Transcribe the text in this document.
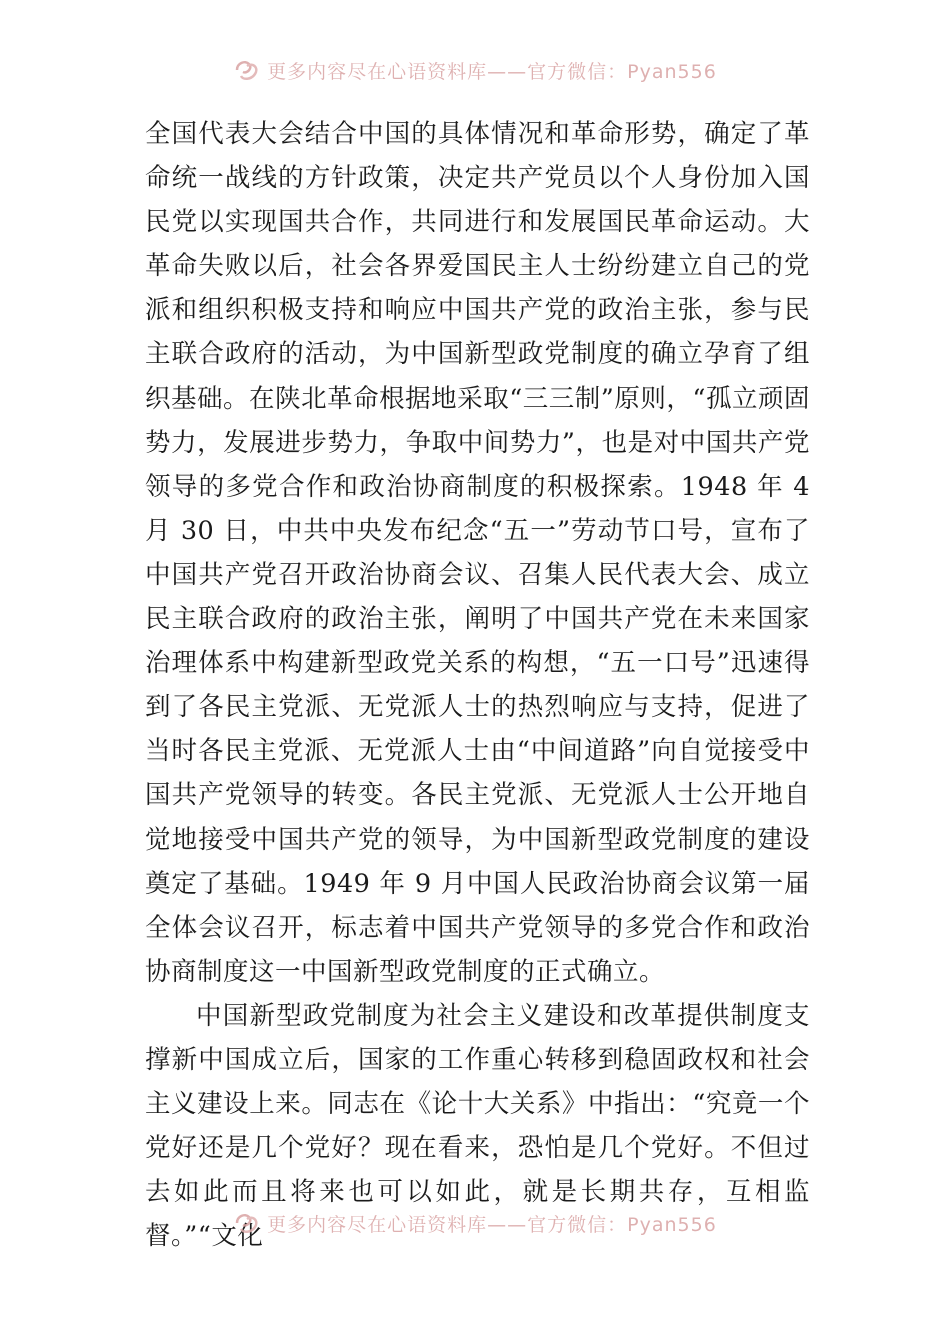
更多内容尽在心语资料库——官方微信：Pyan556

全国代表大会结合中国的具体情况和革命形势，确定了革命统一战线的方针政策，决定共产党员以个人身份加入国民党以实现国共合作，共同进行和发展国民革命运动。大革命失败以后，社会各界爱国民主人士纷纷建立自己的党派和组织积极支持和响应中国共产党的政治主张，参与民主联合政府的活动，为中国新型政党制度的确立孕育了组织基础。在陕北革命根据地采取“三三制”原则，“孤立顽固势力，发展进步势力，争取中间势力”，也是对中国共产党领导的多党合作和政治协商制度的积极探索。1948 年 4 月 30 日，中共中央发布纪念“五一”劳动节口号，宣布了中国共产党召开政治协商会议、召集人民代表大会、成立民主联合政府的政治主张，阐明了中国共产党在未来国家治理体系中构建新型政党关系的构想，“五一口号”迅速得到了各民主党派、无党派人士的热烈响应与支持，促进了当时各民主党派、无党派人士由“中间道路”向自觉接受中国共产党领导的转变。各民主党派、无党派人士公开地自觉地接受中国共产党的领导，为中国新型政党制度的建设奠定了基础。1949 年 9 月中国人民政治协商会议第一届全体会议召开，标志着中国共产党领导的多党合作和政治协商制度这一中国新型政党制度的正式确立。

中国新型政党制度为社会主义建设和改革提供制度支撑新中国成立后，国家的工作重心转移到稳固政权和社会主义建设上来。同志在《论十大关系》中指出：“究竟一个党好还是几个党好？现在看来，恐怕是几个党好。不但过去如此而且将来也可以如此，就是长期共存，互相监督。”“文化 更多内容尽在心语资料库——官方微信：Pyan556
